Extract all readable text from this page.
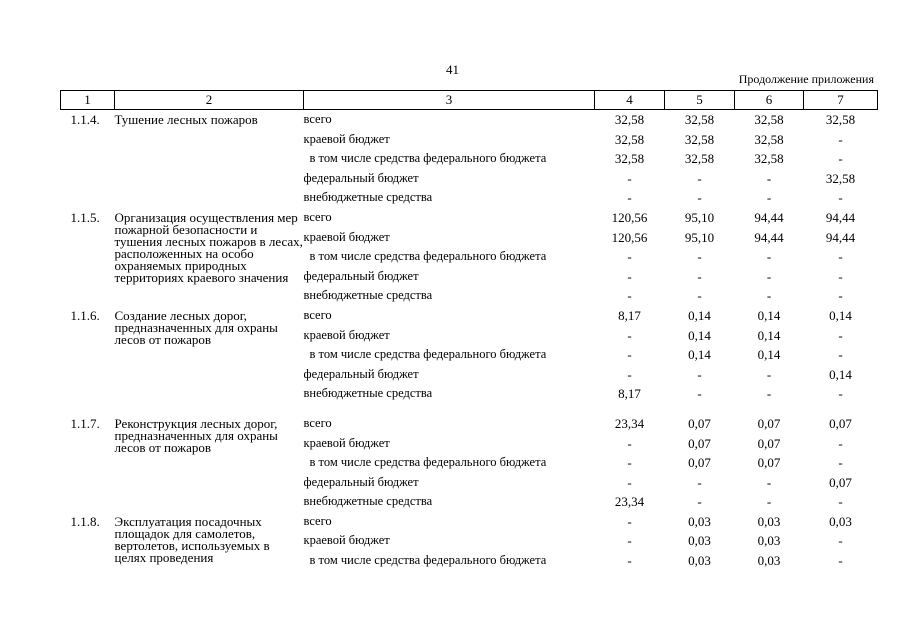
41
Продолжение приложения
1	2	3	4	5	6	7
1.1.4.	Тушение лесных пожаров	всего	32,58	32,58	32,58	32,58
		краевой бюджет	32,58	32,58	32,58	-
		в том числе средства федерального бюджета	32,58	32,58	32,58	-
		федеральный бюджет	-	-	-	32,58
		внебюджетные средства	-	-	-	-
1.1.5.	Организация осуществления мер пожарной безопасности и тушения лесных пожаров в лесах, расположенных на особо охраняемых природных территориях краевого значения	всего	120,56	95,10	94,44	94,44
		краевой бюджет	120,56	95,10	94,44	94,44
		в том числе средства федерального бюджета	-	-	-	-
		федеральный бюджет	-	-	-	-
		внебюджетные средства	-	-	-	-
1.1.6.	Создание лесных дорог, предназначенных для охраны лесов от пожаров	всего	8,17	0,14	0,14	0,14
		краевой бюджет	-	0,14	0,14	-
		в том числе средства федерального бюджета	-	0,14	0,14	-
		федеральный бюджет	-	-	-	0,14
		внебюджетные средства	8,17	-	-	-

1.1.7.	Реконструкция лесных дорог, предназначенных для охраны лесов от пожаров	всего	23,34	0,07	0,07	0,07
		краевой бюджет	-	0,07	0,07	-
		в том числе средства федерального бюджета	-	0,07	0,07	-
		федеральный бюджет	-	-	-	0,07
		внебюджетные средства	23,34	-	-	-
1.1.8.	Эксплуатация посадочных площадок для самолетов, вертолетов, используемых в целях проведения	всего	-	0,03	0,03	0,03
		краевой бюджет	-	0,03	0,03	-
		в том числе средства федерального бюджета	-	0,03	0,03	-
